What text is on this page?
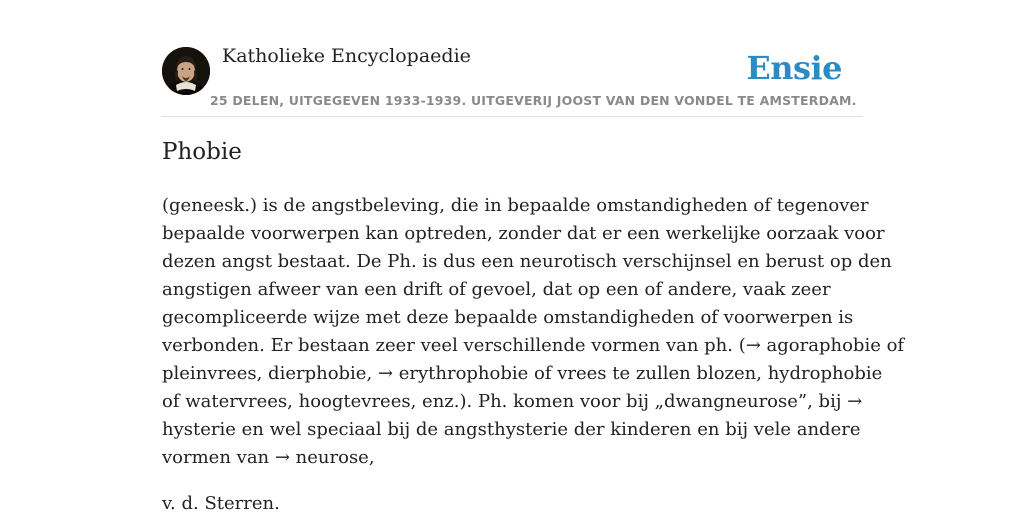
Katholieke Encyclopaedie	Ensie
25 DELEN, UITGEGEVEN 1933-1939. UITGEVERIJ JOOST VAN DEN VONDEL TE AMSTERDAM.
Phobie

(geneesk.) is de angstbeleving, die in bepaalde omstandigheden of tegenover
bepaalde voorwerpen kan optreden, zonder dat er een werkelijke oorzaak voor
dezen angst bestaat. De Ph. is dus een neurotisch verschijnsel en berust op den
angstigen afweer van een drift of gevoel, dat op een of andere, vaak zeer
gecompliceerde wijze met deze bepaalde omstandigheden of voorwerpen is
verbonden. Er bestaan zeer veel verschillende vormen van ph. (→ agoraphobie of
pleinvrees, dierphobie, → erythrophobie of vrees te zullen blozen, hydrophobie
of watervrees, hoogtevrees, enz.). Ph. komen voor bij „dwangneurose”, bij →
hysterie en wel speciaal bij de angsthysterie der kinderen en bij vele andere
vormen van → neurose,

v. d. Sterren.
